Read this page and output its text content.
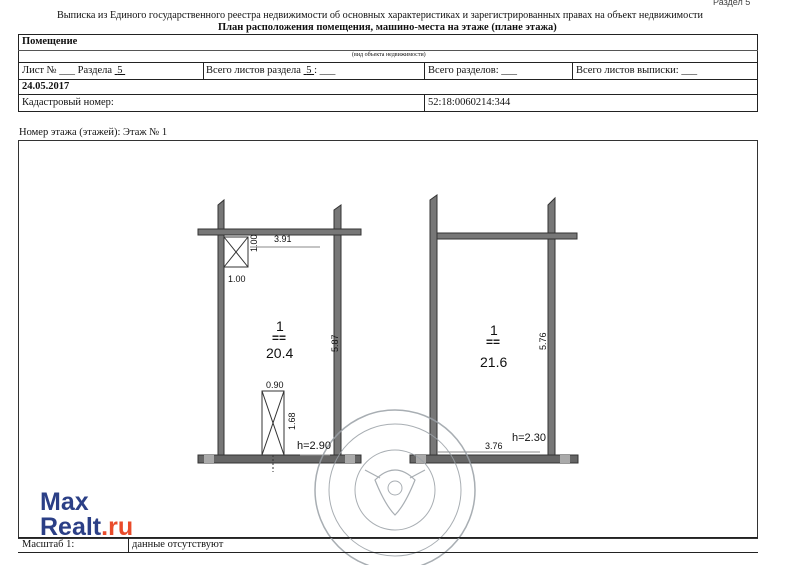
Раздел 5
Выписка из Единого государственного реестра недвижимости об основных характеристиках и зарегистрированных правах на объект недвижимости
План расположения помещения, машино-места на этаже (плане этажа)
Помещение
(вид объекта недвижимости)
Лист № ___ Раздела 5	Всего листов раздела 5 : ___	Всего разделов: ___	Всего листов выписки: ___
24.05.2017
Кадастровый номер:	52:18:0060214:344
Номер этажа (этажей): Этаж № 1
3.91
1.00
1.00
1
==
20.4
5.87
0.90
1.68
h=2.90
1
==
21.6
5.76
3.76
h=2.30
Масштаб 1:	данные отсутствуют
Max
Realt.ru
